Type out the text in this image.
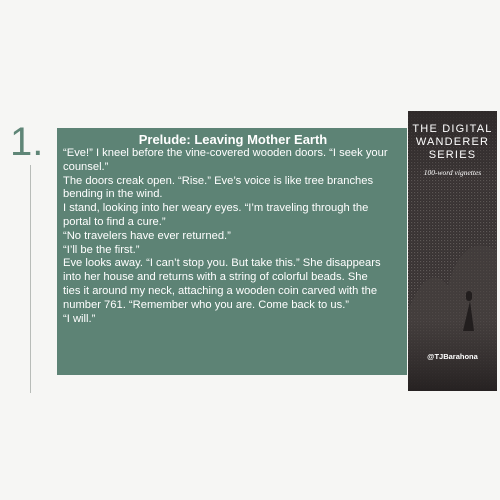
1.	Prelude: Leaving Mother Earth

“Eve!” I kneel before the vine-covered wooden doors. “I seek your

counsel.”

The doors creak open. “Rise.” Eve’s voice is like tree branches

bending in the wind.

I stand, looking into her weary eyes. “I’m traveling through the

portal to find a cure.”

“No travelers have ever returned.”

“I’ll be the first.”

Eve looks away. “I can’t stop you. But take this.” She disappears

into her house and returns with a string of colorful beads. She

ties it around my neck, attaching a wooden coin carved with the

number 761. “Remember who you are. Come back to us.”

“I will.”

THE DIGITAL
WANDERER
SERIES
100-word vignettes
@TJBarahona
